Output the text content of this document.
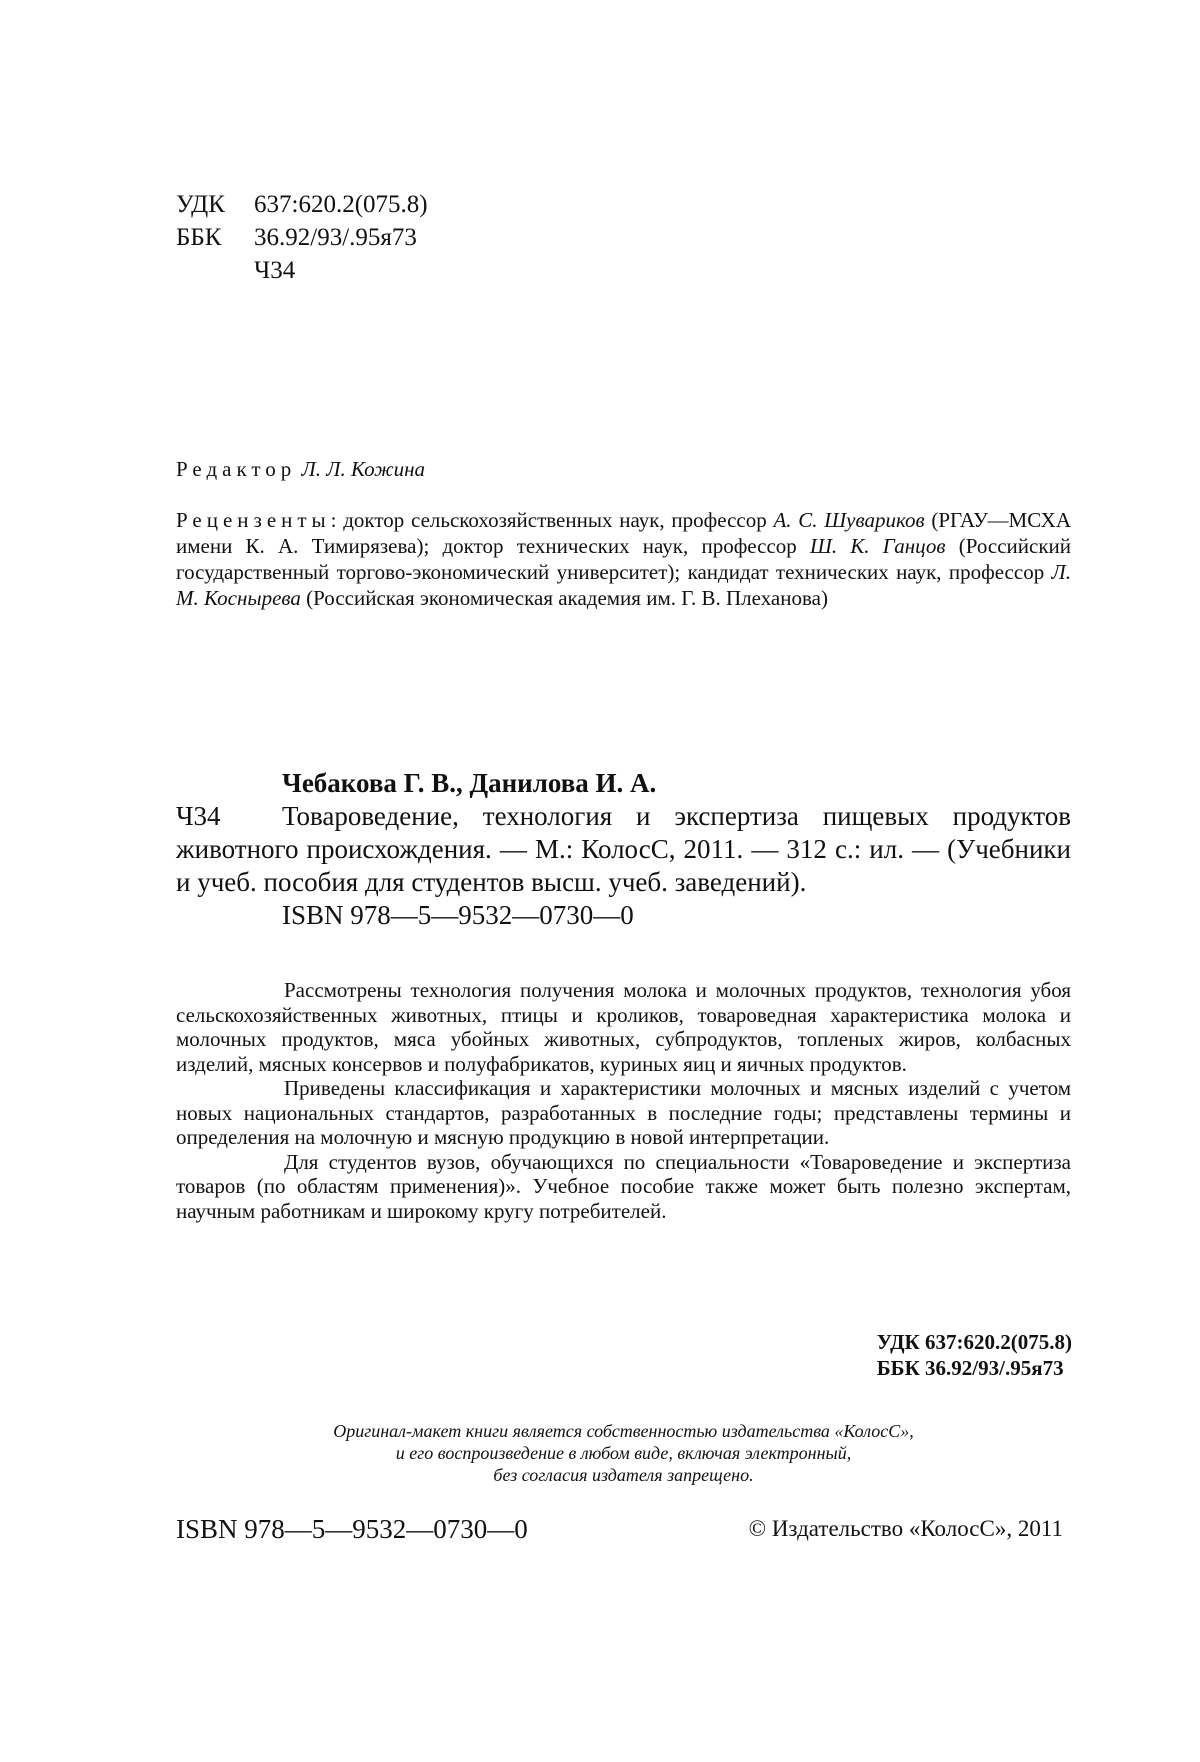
УДК 637:620.2(075.8)
ББК 36.92/93/.95я73
Ч34
Редактор Л. Л. Кожина
Рецензенты: доктор сельскохозяйственных наук, профессор А. С. Шувариков (РГАУ—МСХА имени К. А. Тимирязева); доктор технических наук, профессор Ш. К. Ганцов (Российский государственный торгово-экономический университет); кандидат технических наук, профессор Л. М. Коснырева (Российская экономическая академия им. Г. В. Плеханова)
Чебакова Г. В., Данилова И. А.
Ч34	Товароведение, технология и экспертиза пищевых продуктов животного происхождения. — М.: КолосС, 2011. — 312 с.: ил. — (Учебники и учеб. пособия для студентов высш. учеб. заведений).
ISBN 978—5—9532—0730—0

Рассмотрены технология получения молока и молочных продуктов, технология убоя сельскохозяйственных животных, птицы и кроликов, товароведная характеристика молока и молочных продуктов, мяса убойных животных, субпродуктов, топленых жиров, колбасных изделий, мясных консервов и полуфабрикатов, куриных яиц и яичных продуктов.

Приведены классификация и характеристики молочных и мясных изделий с учетом новых национальных стандартов, разработанных в последние годы; представлены термины и определения на молочную и мясную продукцию в новой интерпретации.

Для студентов вузов, обучающихся по специальности «Товароведение и экспертиза товаров (по областям применения)». Учебное пособие также может быть полезно экспертам, научным работникам и широкому кругу потребителей.

УДК 637:620.2(075.8)
ББК 36.92/93/.95я73
Оригинал-макет книги является собственностью издательства «КолосС»,
и его воспроизведение в любом виде, включая электронный,
без согласия издателя запрещено.
ISBN 978—5—9532—0730—0	© Издательство «КолосС», 2011
